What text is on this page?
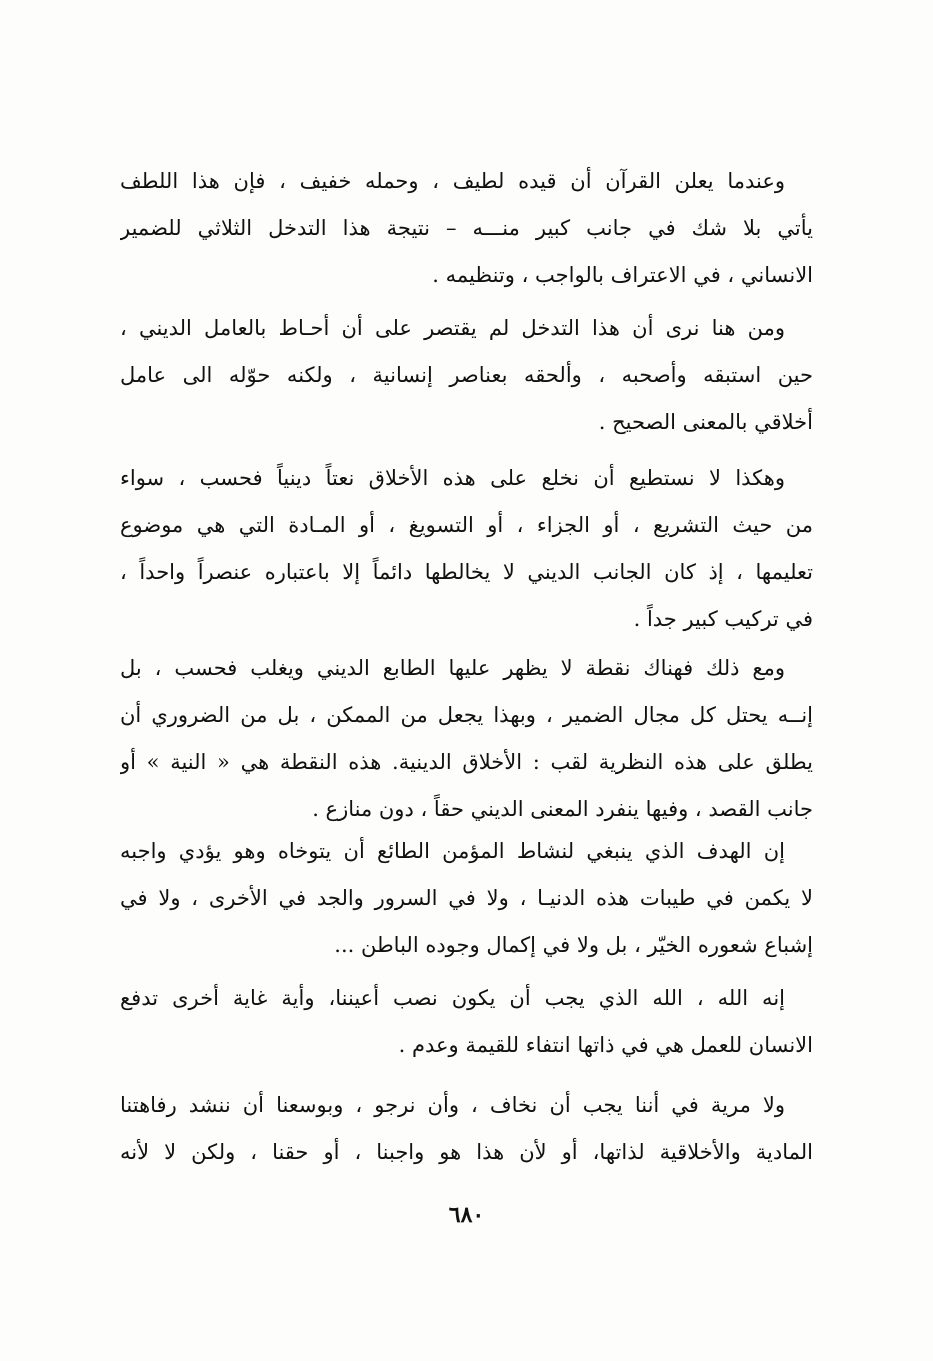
وعندما يعلن القرآن أن قيده لطيف ، وحمله خفيف ، فإن هذا اللطف
يأتي بلا شك في جانب كبير منـــه – نتيجة هذا التدخل الثلاثي للضمير
الانساني ، في الاعتراف بالواجب ، وتنظيمه .
ومن هنا نرى أن هذا التدخل لم يقتصر على أن أحـاط بالعامل الديني ،
حين استبقه وأصحبه ، وألحقه بعناصر إنسانية ، ولكنه حوّله الى عامل
أخلاقي بالمعنى الصحيح .
وهكذا لا نستطيع أن نخلع على هذه الأخلاق نعتاً دينياً فحسب ، سواء
من حيث التشريع ، أو الجزاء ، أو التسويغ ، أو المـادة التي هي موضوع
تعليمها ، إذ كان الجانب الديني لا يخالطها دائماً إلا باعتباره عنصراً واحداً ،
في تركيب كبير جداً .
ومع ذلك فهناك نقطة لا يظهر عليها الطابع الديني ويغلب فحسب ، بل
إنــه يحتل كل مجال الضمير ، وبهذا يجعل من الممكن ، بل من الضروري أن
يطلق على هذه النظرية لقب : الأخلاق الدينية. هذه النقطة هي « النية » أو
جانب القصد ، وفيها ينفرد المعنى الديني حقاً ، دون منازع .
إن الهدف الذي ينبغي لنشاط المؤمن الطائع أن يتوخاه وهو يؤدي واجبه
لا يكمن في طيبات هذه الدنيـا ، ولا في السرور والجد في الأخرى ، ولا في
إشباع شعوره الخيّر ، بل ولا في إكمال وجوده الباطن ...
إنه الله ، الله الذي يجب أن يكون نصب أعيننا، وأية غاية أخرى تدفع
الانسان للعمل هي في ذاتها انتفاء للقيمة وعدم .
ولا مرية في أننا يجب أن نخاف ، وأن نرجو ، وبوسعنا أن ننشد رفاهتنا
المادية والأخلاقية لذاتها، أو لأن هذا هو واجبنا ، أو حقنا ، ولكن لا لأنه
٦٨٠
